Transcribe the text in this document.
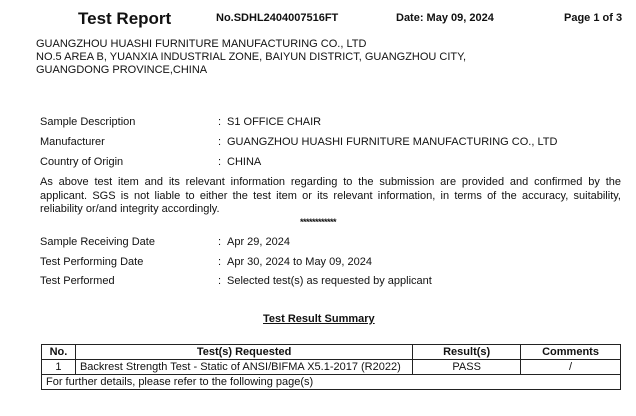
Test Report	No.SDHL2404007516FT	Date: May 09, 2024	Page 1 of 3
GUANGZHOU HUASHI FURNITURE MANUFACTURING CO., LTD
NO.5 AREA B, YUANXIA INDUSTRIAL ZONE, BAIYUN DISTRICT, GUANGZHOU CITY,
GUANGDONG PROVINCE,CHINA
Sample Description	: S1 OFFICE CHAIR
Manufacturer	: GUANGZHOU HUASHI FURNITURE MANUFACTURING CO., LTD
Country of Origin	: CHINA
As above test item and its relevant information regarding to the submission are provided and confirmed by the applicant. SGS is not liable to either the test item or its relevant information, in terms of the accuracy, suitability, reliability or/and integrity accordingly.
************
Sample Receiving Date	: Apr 29, 2024
Test Performing Date	: Apr 30, 2024 to May 09, 2024
Test Performed	: Selected test(s) as requested by applicant
Test Result Summary
No.	Test(s) Requested	Result(s)	Comments
1	Backrest Strength Test - Static of ANSI/BIFMA X5.1-2017 (R2022)	PASS	/
For further details, please refer to the following page(s)			
